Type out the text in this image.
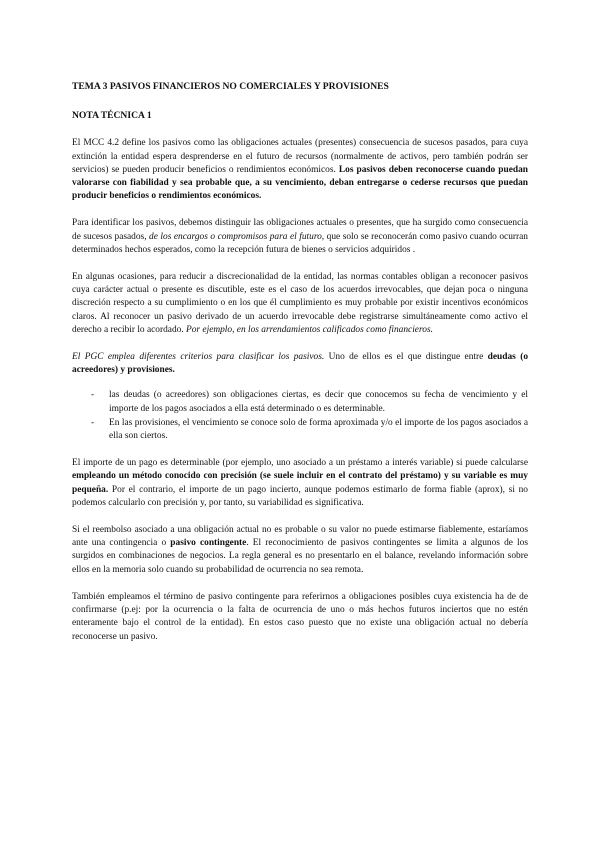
TEMA 3 PASIVOS FINANCIEROS NO COMERCIALES Y PROVISIONES

NOTA TÉCNICA 1

El MCC 4.2 define los pasivos como las obligaciones actuales (presentes) consecuencia de sucesos pasados, para cuya extinción la entidad espera desprenderse en el futuro de recursos (normalmente de activos, pero también podrán ser servicios) se pueden producir beneficios o rendimientos económicos. Los pasivos deben reconocerse cuando puedan valorarse con fiabilidad y sea probable que, a su vencimiento, deban entregarse o cederse recursos que puedan producir beneficios o rendimientos económicos.

Para identificar los pasivos, debemos distinguir las obligaciones actuales o presentes, que ha surgido como consecuencia de sucesos pasados, de los encargos o compromisos para el futuro, que solo se reconocerán como pasivo cuando ocurran determinados hechos esperados, como la recepción futura de bienes o servicios adquiridos .

En algunas ocasiones, para reducir a discrecionalidad de la entidad, las normas contables obligan a reconocer pasivos cuya carácter actual o presente es discutible, este es el caso de los acuerdos irrevocables, que dejan poca o ninguna discreción respecto a su cumplimiento o en los que él cumplimiento es muy probable por existir incentivos económicos claros. Al reconocer un pasivo derivado de un acuerdo irrevocable debe registrarse simultáneamente como activo el derecho a recibir lo acordado. Por ejemplo, en los arrendamientos calificados como financieros.

El PGC emplea diferentes criterios para clasificar los pasivos. Uno de ellos es el que distingue entre deudas (o acreedores) y provisiones.

- las deudas (o acreedores) son obligaciones ciertas, es decir que conocemos su fecha de vencimiento y el importe de los pagos asociados a ella está determinado o es determinable.
- En las provisiones, el vencimiento se conoce solo de forma aproximada y/o el importe de los pagos asociados a ella son ciertos.

El importe de un pago es determinable (por ejemplo, uno asociado a un préstamo a interés variable) si puede calcularse empleando un método conocido con precisión (se suele incluir en el contrato del préstamo) y su variable es muy pequeña. Por el contrario, el importe de un pago incierto, aunque podemos estimarlo de forma fiable (aprox), si no podemos calcularlo con precisión y, por tanto, su variabilidad es significativa.

Si el reembolso asociado a una obligación actual no es probable o su valor no puede estimarse fiablemente, estaríamos ante una contingencia o pasivo contingente. El reconocimiento de pasivos contingentes se limita a algunos de los surgidos en combinaciones de negocios. La regla general es no presentarlo en el balance, revelando información sobre ellos en la memoria solo cuando su probabilidad de ocurrencia no sea remota.

También empleamos el término de pasivo contingente para referirnos a obligaciones posibles cuya existencia ha de de confirmarse (p.ej: por la ocurrencia o la falta de ocurrencia de uno o más hechos futuros inciertos que no estén enteramente bajo el control de la entidad). En estos caso puesto que no existe una obligación actual no debería reconocerse un pasivo.
